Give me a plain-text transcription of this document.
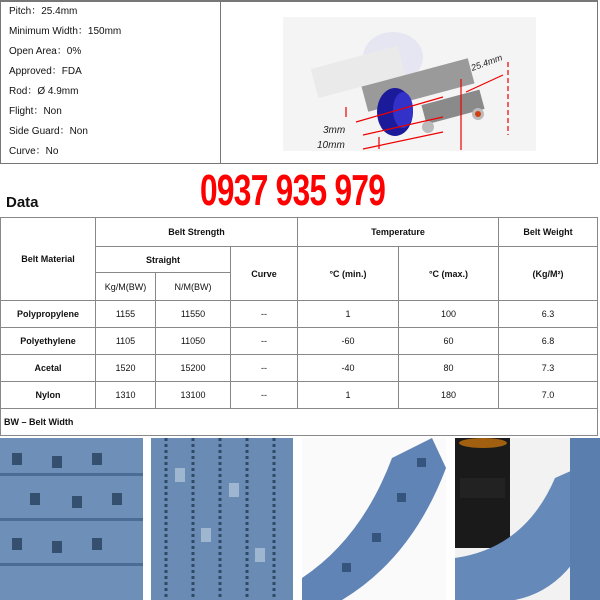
Pitch：25.4mm
Minimum Width：150mm
Open Area：0%
Approved：FDA
Rod：Ø 4.9mm
Flight：Non
Side Guard：Non
Curve：No
25.4mm
3mm
10mm
Data	0937 935 979
Belt Material	Belt Strength			Temperature		Belt Weight
	Straight		Curve	°C (min.)	°C (max.)	(Kg/M²)
	Kg/M(BW)	N/M(BW)				
Polypropylene	1155	11550	--	1	100	6.3
Polyethylene	1105	11050	--	-60	60	6.8
Acetal	1520	15200	--	-40	80	7.3
Nylon	1310	13100	--	1	180	7.0
BW – Belt Width						
